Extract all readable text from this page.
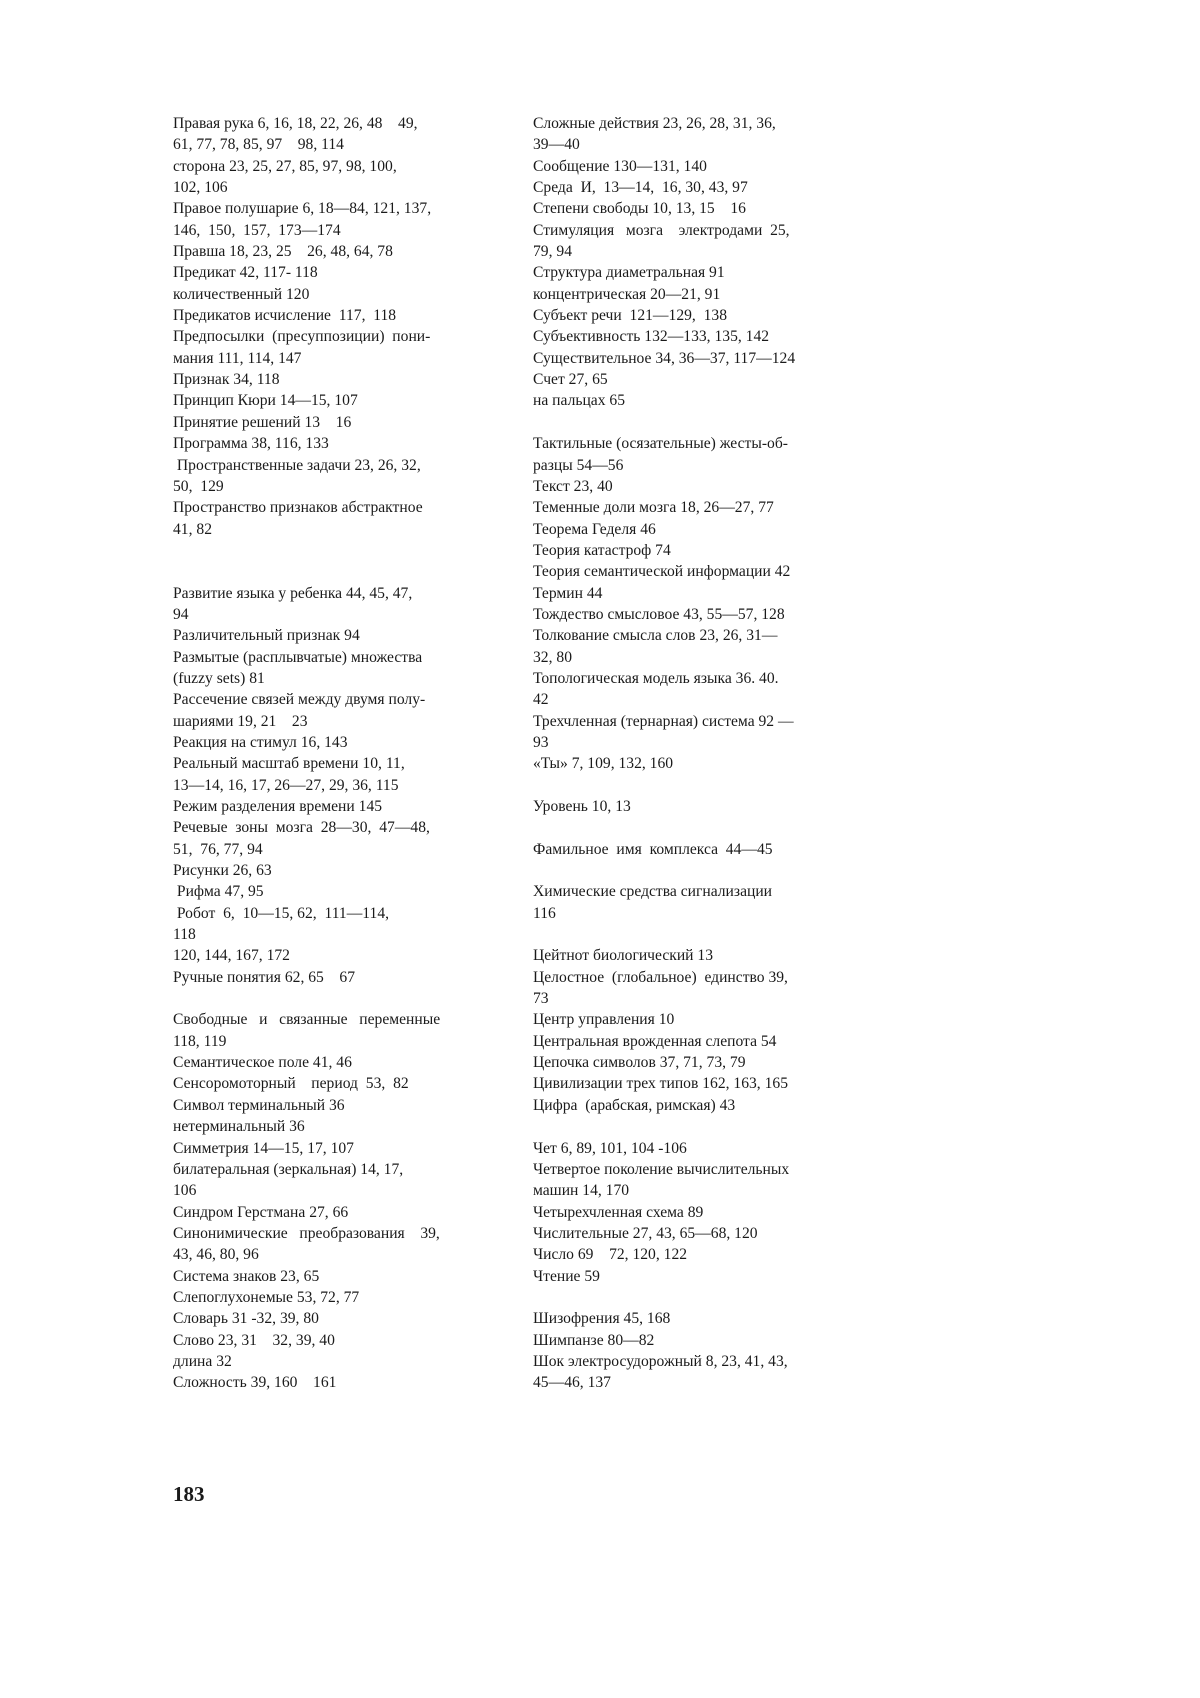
Правая рука 6, 16, 18, 22, 26, 48    49,
61, 77, 78, 85, 97    98, 114
сторона 23, 25, 27, 85, 97, 98, 100,
102, 106
Правое полушарие 6, 18—84, 121, 137,
146,  150,  157,  173—174
Правша 18, 23, 25    26, 48, 64, 78
Предикат 42, 117- 118
количественный 120
Предикатов исчисление  117,  118
Предпосылки  (пресуппозиции)  пони-
мания 111, 114, 147
Признак 34, 118
Принцип Кюри 14—15, 107
Принятие решений 13    16
Программа 38, 116, 133
Пространственные задачи 23, 26, 32,
50,  129
Пространство признаков абстрактное
41, 82
Развитие языка у ребенка 44, 45, 47,
94
Различительный признак 94
Размытые (расплывчатые) множества
(fuzzy sets) 81
Рассечение связей между двумя полу-
шариями 19, 21    23
Реакция на стимул 16, 143
Реальный масштаб времени 10, 11,
13—14, 16, 17, 26—27, 29, 36, 115
Режим разделения времени 145
Речевые  зоны  мозга  28—30,  47—48,
51,  76, 77, 94
Рисунки 26, 63
Рифма 47, 95
Робот  6,  10—15, 62,  111—114,
118
120, 144, 167, 172
Ручные понятия 62, 65    67
Свободные   и   связанные   переменные
118, 119
Семантическое поле 41, 46
Сенсоромоторный    период  53,  82
Символ терминальный 36
нетерминальный 36
Симметрия 14—15, 17, 107
билатеральная (зеркальная) 14, 17,
106
Синдром Герстмана 27, 66
Синонимические   преобразования    39,
43, 46, 80, 96
Система знаков 23, 65
Слепоглухонемые 53, 72, 77
Словарь 31 -32, 39, 80
Слово 23, 31    32, 39, 40
длина 32
Сложность 39, 160    161
Сложные действия 23, 26, 28, 31, 36,
39—40
Сообщение 130—131, 140
Среда  И,  13—14,  16, 30, 43, 97
Степени свободы 10, 13, 15    16
Стимуляция   мозга    электродами  25,
79, 94
Структура диаметральная 91
концентрическая 20—21, 91
Субъект речи  121—129,  138
Субъективность 132—133, 135, 142
Существительное 34, 36—37, 117—124
Счет 27, 65
на пальцах 65
Тактильные (осязательные) жесты-об-
разцы 54—56
Текст 23, 40
Теменные доли мозга 18, 26—27, 77
Теорема Геделя 46
Теория катастроф 74
Теория семантической информации 42
Термин 44
Тождество смысловое 43, 55—57, 128
Толкование смысла слов 23, 26, 31—
32, 80
Топологическая модель языка 36. 40.
42
Трехчленная (тернарная) система 92 —
93
«Ты» 7, 109, 132, 160
Уровень 10, 13
Фамильное  имя  комплекса  44—45
Химические средства сигнализации
116
Цейтнот биологический 13
Целостное  (глобальное)  единство 39,
73
Центр управления 10
Центральная врожденная слепота 54
Цепочка символов 37, 71, 73, 79
Цивилизации трех типов 162, 163, 165
Цифра  (арабская, римская) 43
Чет 6, 89, 101, 104 -106
Четвертое поколение вычислительных
машин 14, 170
Четырехчленная схема 89
Числительные 27, 43, 65—68, 120
Число 69    72, 120, 122
Чтение 59
Шизофрения 45, 168
Шимпанзе 80—82
Шок электросудорожный 8, 23, 41, 43,
45—46, 137
183
